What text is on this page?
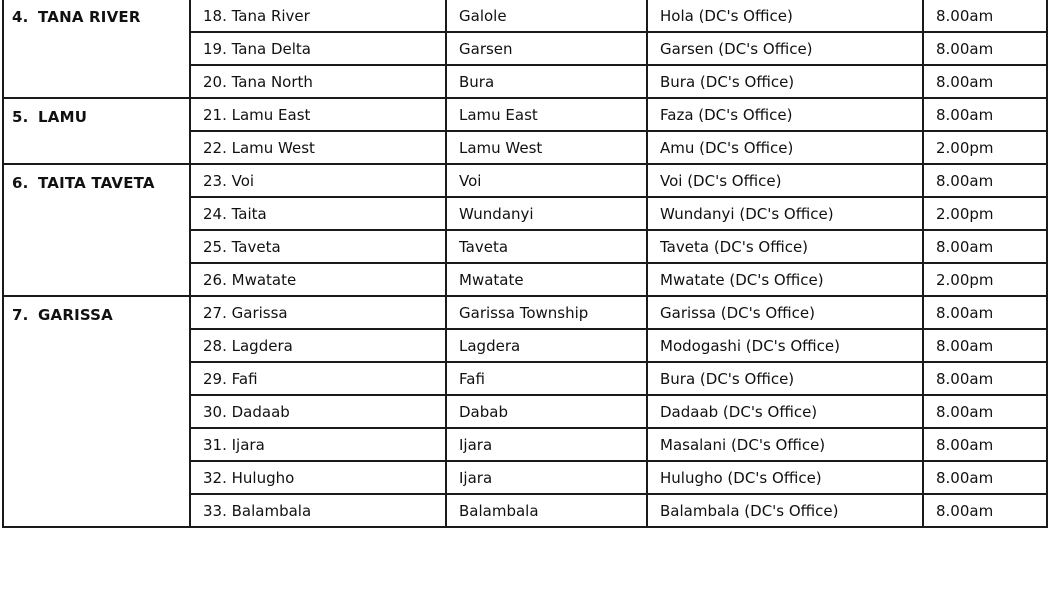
4. TANA RIVER	18. Tana River	Galole	Hola (DC's Office)	8.00am
	19. Tana Delta	Garsen	Garsen (DC's Office)	8.00am
	20. Tana North	Bura	Bura (DC's Office)	8.00am
5. LAMU	21. Lamu East	Lamu East	Faza (DC's Office)	8.00am
	22. Lamu West	Lamu West	Amu (DC's Office)	2.00pm
6. TAITA TAVETA	23. Voi	Voi	Voi (DC's Office)	8.00am
	24. Taita	Wundanyi	Wundanyi (DC's Office)	2.00pm
	25. Taveta	Taveta	Taveta (DC's Office)	8.00am
	26. Mwatate	Mwatate	Mwatate (DC's Office)	2.00pm
7. GARISSA	27. Garissa	Garissa Township	Garissa (DC's Office)	8.00am
	28. Lagdera	Lagdera	Modogashi (DC's Office)	8.00am
	29. Fafi	Fafi	Bura (DC's Office)	8.00am
	30. Dadaab	Dabab	Dadaab (DC's Office)	8.00am
	31. Ijara	Ijara	Masalani (DC's Office)	8.00am
	32. Hulugho	Ijara	Hulugho (DC's Office)	8.00am
	33. Balambala	Balambala	Balambala (DC's Office)	8.00am
